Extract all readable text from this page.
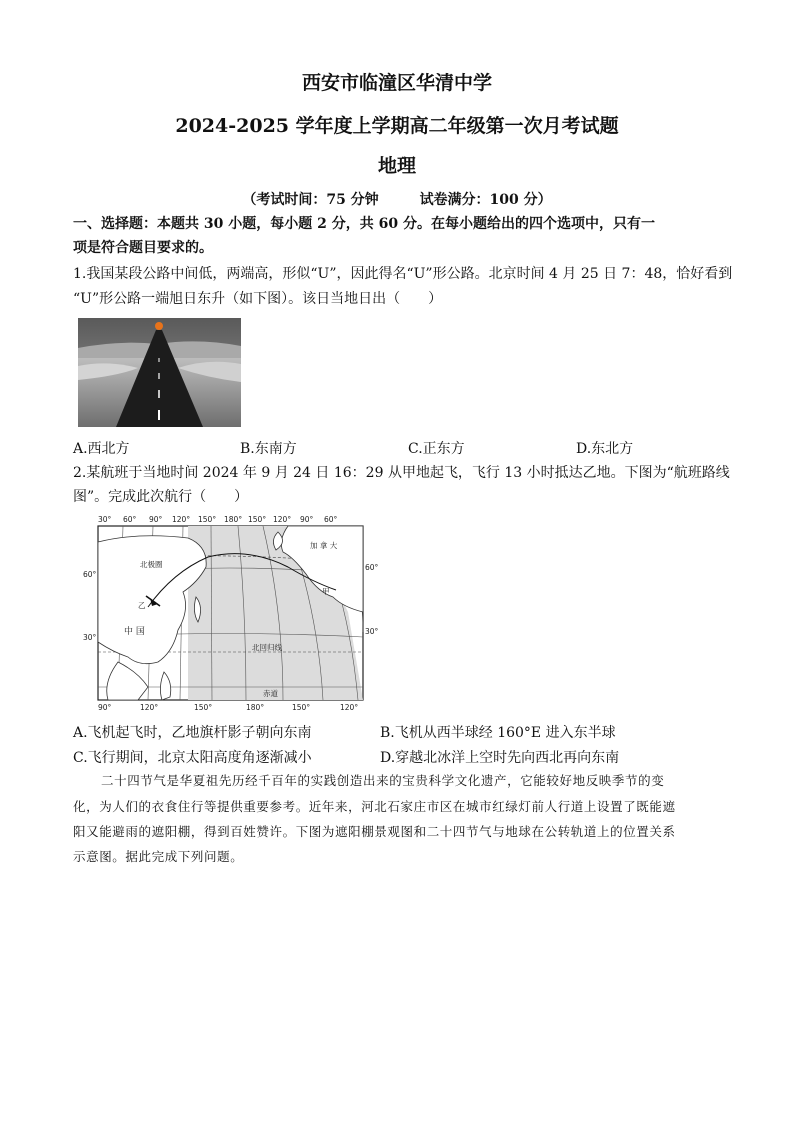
西安市临潼区华清中学
2024-2025 学年度上学期高二年级第一次月考试题
地理
（考试时间：75 分钟	试卷满分：100 分）
一、选择题：本题共 30 小题，每小题 2 分，共 60 分。在每小题给出的四个选项中，只有一
项是符合题目要求的。
1.我国某段公路中间低，两端高，形似“U”，因此得名“U”形公路。北京时间 4 月 25 日 7：48，恰好看到
“U”形公路一端旭日东升（如下图）。该日当地日出（　　）
A.西北方	B.东南方	C.正东方	D.东北方
2.某航班于当地时间 2024 年 9 月 24 日 16：29 从甲地起飞，飞行 13 小时抵达乙地。下图为“航班路线
图”。完成此次航行（　　）
30° 60° 90° 120° 150° 180° 150° 120° 90° 60°
90°	120°	150°	180°	150°	120°
60°
30°
60°
30°
北极圈
北回归线
赤道
加 拿 大
甲
乙
中 国
A.飞机起飞时，乙地旗杆影子朝向东南	B.飞机从西半球经 160°E 进入东半球
C.飞行期间，北京太阳高度角逐渐减小	D.穿越北冰洋上空时先向西北再向东南
二十四节气是华夏祖先历经千百年的实践创造出来的宝贵科学文化遗产，它能较好地反映季节的变
化，为人们的衣食住行等提供重要参考。近年来，河北石家庄市区在城市红绿灯前人行道上设置了既能遮
阳又能避雨的遮阳棚，得到百姓赞许。下图为遮阳棚景观图和二十四节气与地球在公转轨道上的位置关系
示意图。据此完成下列问题。
